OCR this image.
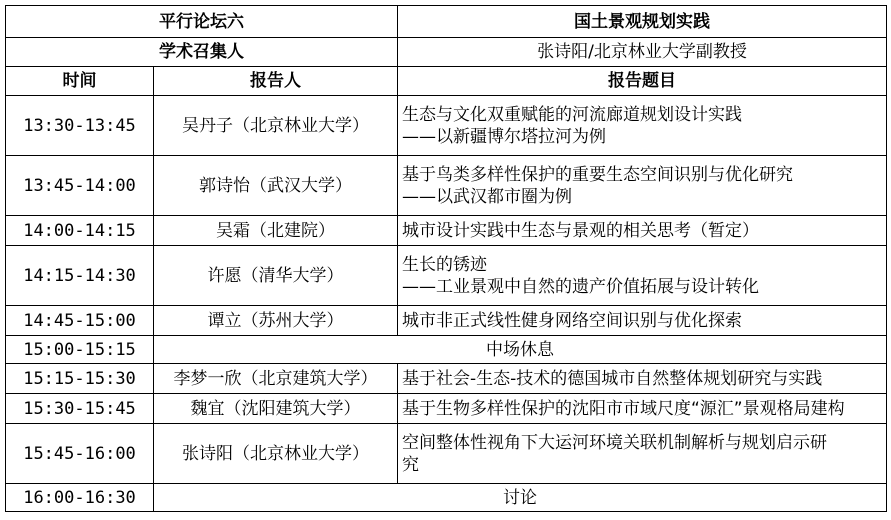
平行论坛六		国土景观规划实践
学术召集人		张诗阳/北京林业大学副教授
时间	报告人	报告题目
13:30-13:45	吴丹子（北京林业大学）	生态与文化双重赋能的河流廊道规划设计实践
——以新疆博尔塔拉河为例

13:45-14:00	郭诗怡（武汉大学）	基于鸟类多样性保护的重要生态空间识别与优化研究
——以武汉都市圈为例

14:00-14:15	吴霜（北建院）	城市设计实践中生态与景观的相关思考（暂定）
14:15-14:30	许愿（清华大学）	生长的锈迹
——工业景观中自然的遗产价值拓展与设计转化

14:45-15:00	谭立（苏州大学）	城市非正式线性健身网络空间识别与优化探索
15:00-15:15	中场休息	
15:15-15:30	李梦一欣（北京建筑大学）	基于社会-生态-技术的德国城市自然整体规划研究与实践
15:30-15:45	魏宜（沈阳建筑大学）	基于生物多样性保护的沈阳市市域尺度“源汇”景观格局建构
15:45-16:00	张诗阳（北京林业大学）	空间整体性视角下大运河环境关联机制解析与规划启示研
究

16:00-16:30	讨论	
